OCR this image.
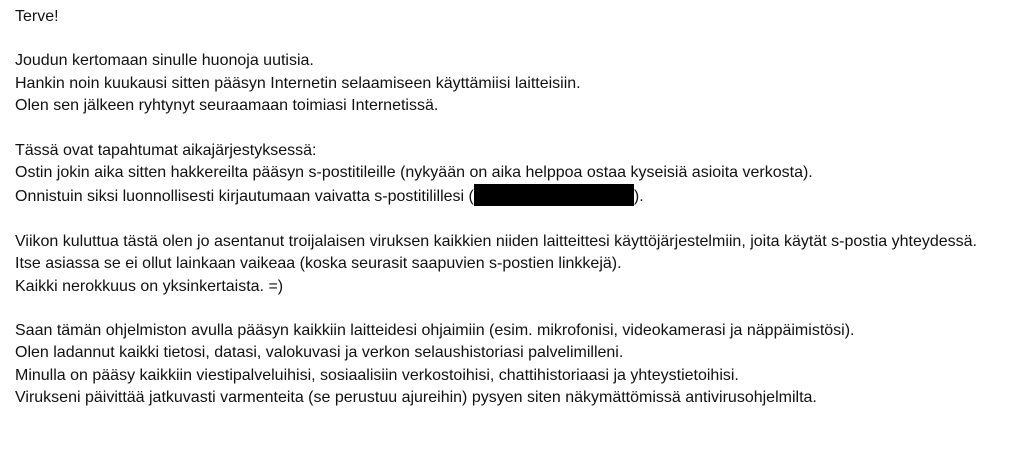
Terve!

Joudun kertomaan sinulle huonoja uutisia.
Hankin noin kuukausi sitten pääsyn Internetin selaamiseen käyttämiisi laitteisiin.
Olen sen jälkeen ryhtynyt seuraamaan toimiasi Internetissä.

Tässä ovat tapahtumat aikajärjestyksessä:
Ostin jokin aika sitten hakkereilta pääsyn s-postitileille (nykyään on aika helppoa ostaa kyseisiä asioita verkosta).
Onnistuin siksi luonnollisesti kirjautumaan vaivatta s-postitilillesi (	).

Viikon kuluttua tästä olen jo asentanut troijalaisen viruksen kaikkien niiden laitteittesi käyttöjärjestelmiin, joita käytät s-postia yhteydessä.
Itse asiassa se ei ollut lainkaan vaikeaa (koska seurasit saapuvien s-postien linkkejä).
Kaikki nerokkuus on yksinkertaista. =)

Saan tämän ohjelmiston avulla pääsyn kaikkiin laitteidesi ohjaimiin (esim. mikrofonisi, videokamerasi ja näppäimistösi).
Olen ladannut kaikki tietosi, datasi, valokuvasi ja verkon selaushistoriasi palvelimilleni.
Minulla on pääsy kaikkiin viestipalveluihisi, sosiaalisiin verkostoihisi, chattihistoriaasi ja yhteystietoihisi.
Virukseni päivittää jatkuvasti varmenteita (se perustuu ajureihin) pysyen siten näkymättömissä antivirusohjelmilta.
